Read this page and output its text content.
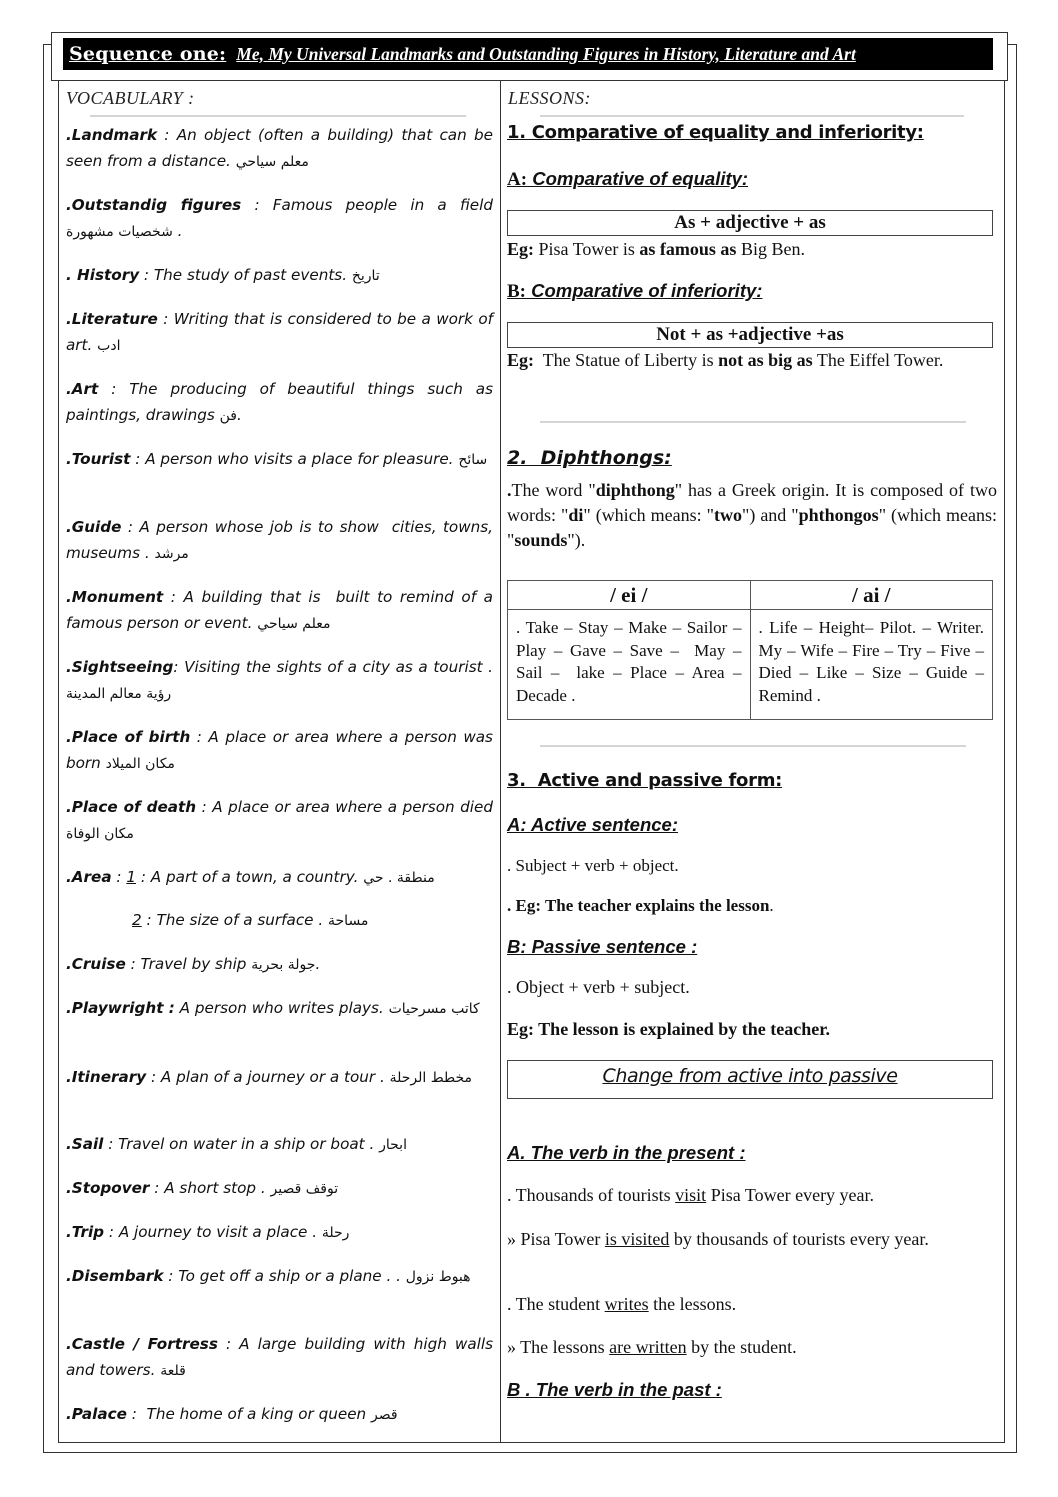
Sequence one: Me, My Universal Landmarks and Outstanding Figures in History, Literature and Art
VOCABULARY :	LESSONS:
.Landmark : An object (often a building) that can be seen from a distance. معلم سياحي
.Outstandig figures : Famous people in a field شخصيات مشهورة .
. History : The study of past events. تاريخ
.Literature : Writing that is considered to be a work of art. ادب
.Art : The producing of beautiful things such as paintings, drawings فن.
.Tourist : A person who visits a place for pleasure. سائح
.Guide : A person whose job is to show  cities, towns, museums . مرشد
.Monument : A building that is  built to remind of a famous person or event. معلم سياحي
.Sightseeing: Visiting the sights of a city as a tourist . رؤية معالم المدينة
.Place of birth : A place or area where a person was born مكان الميلاد
.Place of death : A place or area where a person died مكان الوفاة
.Area : 1 : A part of a town, a country. منطقة . حي
2 : The size of a surface . مساحة
.Cruise : Travel by ship جولة بحرية.
.Playwright : A person who writes plays. كاتب مسرحيات
.Itinerary : A plan of a journey or a tour . مخطط الرحلة
.Sail : Travel on water in a ship or boat . ابحار
.Stopover : A short stop . توقف قصير
.Trip : A journey to visit a place . رحلة
.Disembark : To get off a ship or a plane . . هبوط نزول
.Castle / Fortress : A large building with high walls and towers. قلعة
.Palace :  The home of a king or queen قصر
1. Comparative of equality and inferiority:
A: Comparative of equality:
As + adjective + as
Eg: Pisa Tower is as famous as Big Ben.
B: Comparative of inferiority:
Not + as +adjective +as
Eg:  The Statue of Liberty is not as big as The Eiffel Tower.
2.  Diphthongs:
.The word "diphthong" has a Greek origin. It is composed of two words: "di" (which means: "two") and "phthongos" (which means: "sounds").
/ ei /	/ ai /
. Take – Stay – Make – Sailor – Play – Gave – Save –  May – Sail –  lake – Place – Area – Decade .	. Life – Height– Pilot. – Writer. My – Wife – Fire – Try – Five – Died – Like – Size – Guide –  Remind .
3.  Active and passive form:
A: Active sentence:
. Subject + verb + object.
. Eg: The teacher explains the lesson.
B: Passive sentence :
. Object + verb + subject.
Eg: The lesson is explained by the teacher.
Change from active into passive
A. The verb in the present :
. Thousands of tourists visit Pisa Tower every year.
» Pisa Tower is visited by thousands of tourists every year.
. The student writes the lessons.
» The lessons are written by the student.
B . The verb in the past :
